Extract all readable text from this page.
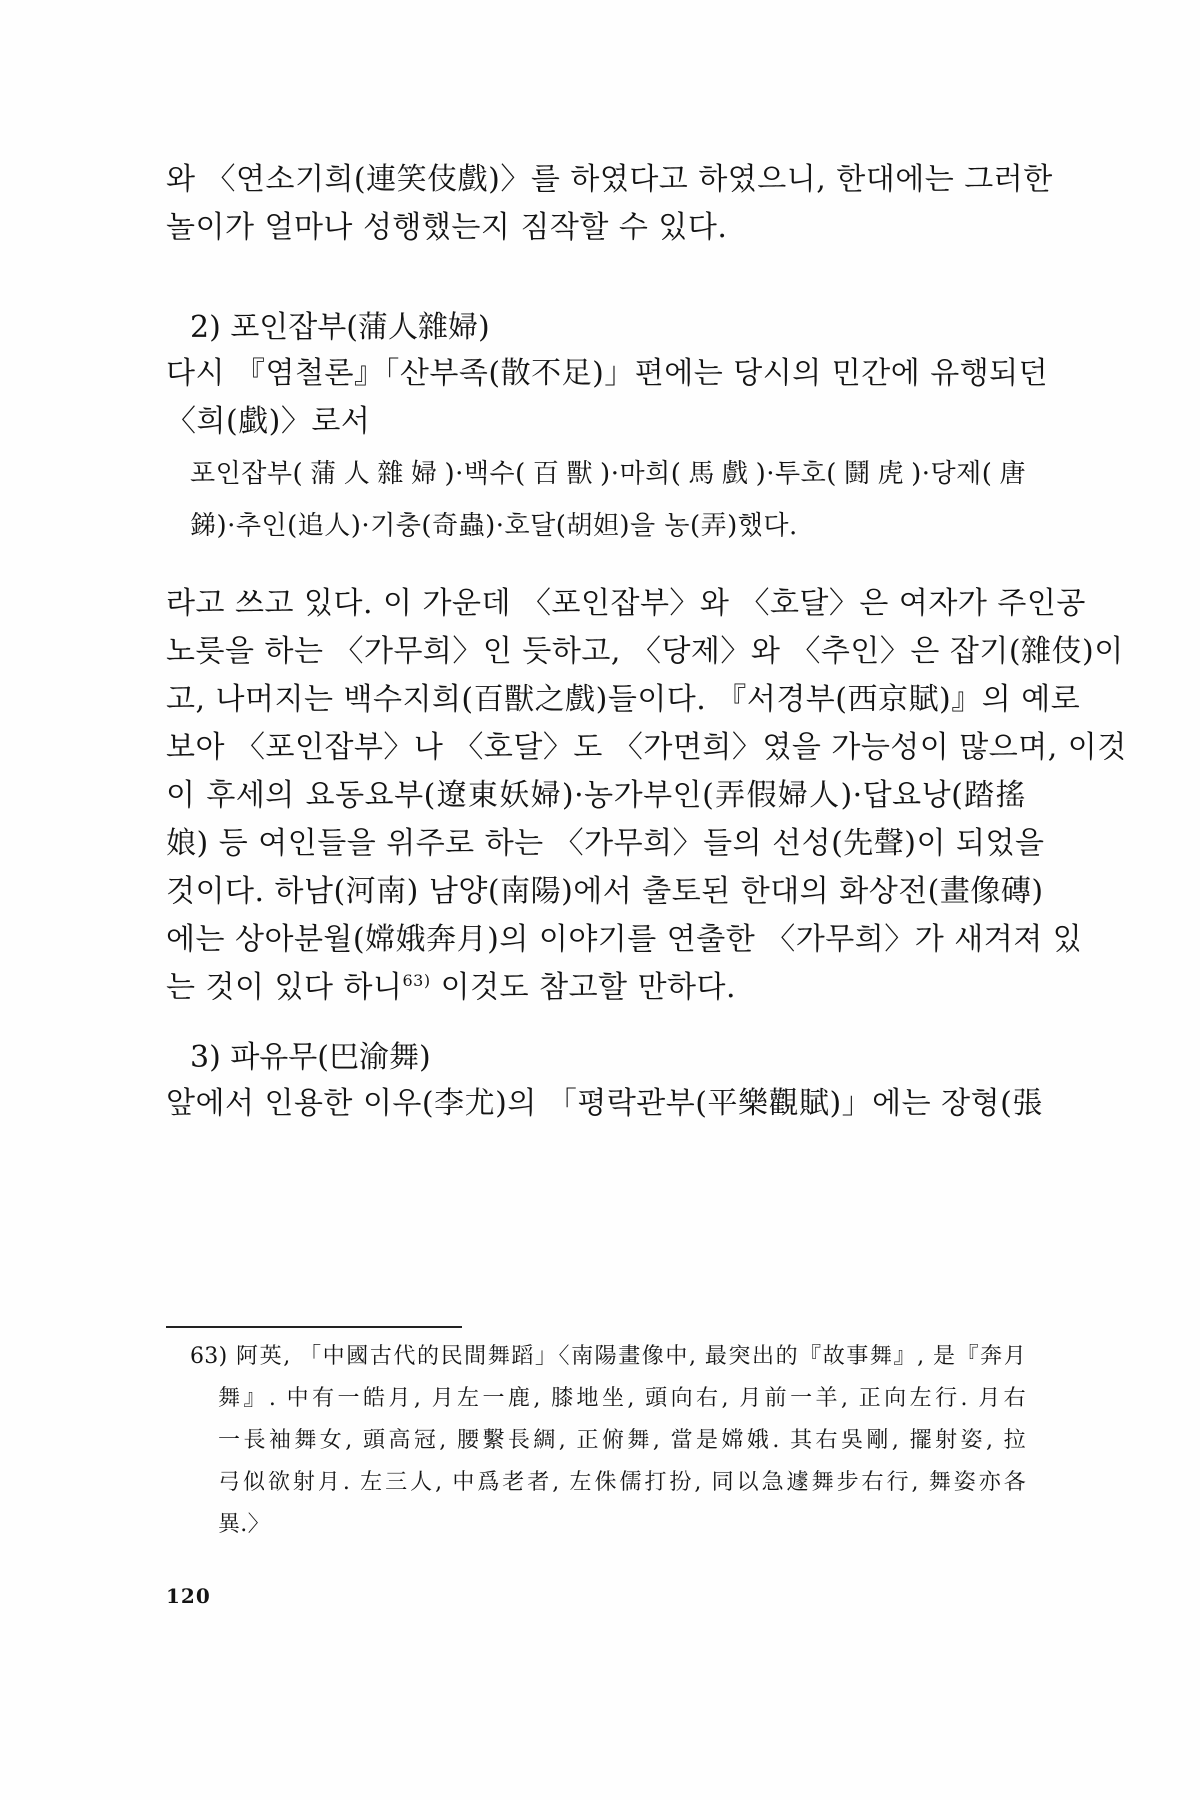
와 〈연소기희(連笑伎戲)〉를 하였다고 하였으니, 한대에는 그러한
놀이가 얼마나 성행했는지 짐작할 수 있다.
2) 포인잡부(蒲人雜婦)
다시 『염철론』「산부족(散不足)」편에는 당시의 민간에 유행되던
〈희(戱)〉로서
포인잡부(蒲人雜婦)·백수(百獸)·마희(馬戲)·투호(鬪虎)·당제(唐
銻)·추인(追人)·기충(奇蟲)·호달(胡妲)을 농(弄)했다.
라고 쓰고 있다. 이 가운데 〈포인잡부〉와 〈호달〉은 여자가 주인공
노릇을 하는 〈가무희〉인 듯하고, 〈당제〉와 〈추인〉은 잡기(雜伎)이
고, 나머지는 백수지희(百獸之戲)들이다. 『서경부(西京賦)』의 예로
보아 〈포인잡부〉나 〈호달〉도 〈가면희〉였을 가능성이 많으며, 이것
이 후세의 요동요부(遼東妖婦)·농가부인(弄假婦人)·답요낭(踏搖
娘) 등 여인들을 위주로 하는 〈가무희〉들의 선성(先聲)이 되었을
것이다. 하남(河南) 남양(南陽)에서 출토된 한대의 화상전(畫像磚)
에는 상아분월(嫦娥奔月)의 이야기를 연출한 〈가무희〉가 새겨져 있
는 것이 있다 하니$^{63)}$ 이것도 참고할 만하다.
3) 파유무(巴渝舞)
앞에서 인용한 이우(李尤)의 「평락관부(平樂觀賦)」에는 장형(張
63) 阿英, 「中國古代的民間舞蹈」〈南陽畫像中, 最突出的『故事舞』, 是『奔月
舞』. 中有一皓月, 月左一鹿, 膝地坐, 頭向右, 月前一羊, 正向左行. 月右
一長袖舞女, 頭高冠, 腰繫長綢, 正俯舞, 當是嫦娥. 其右吳剛, 擺射姿, 拉
弓似欲射月. 左三人, 中爲老者, 左侏儒打扮, 同以急遽舞步右行, 舞姿亦各
異.〉
120
